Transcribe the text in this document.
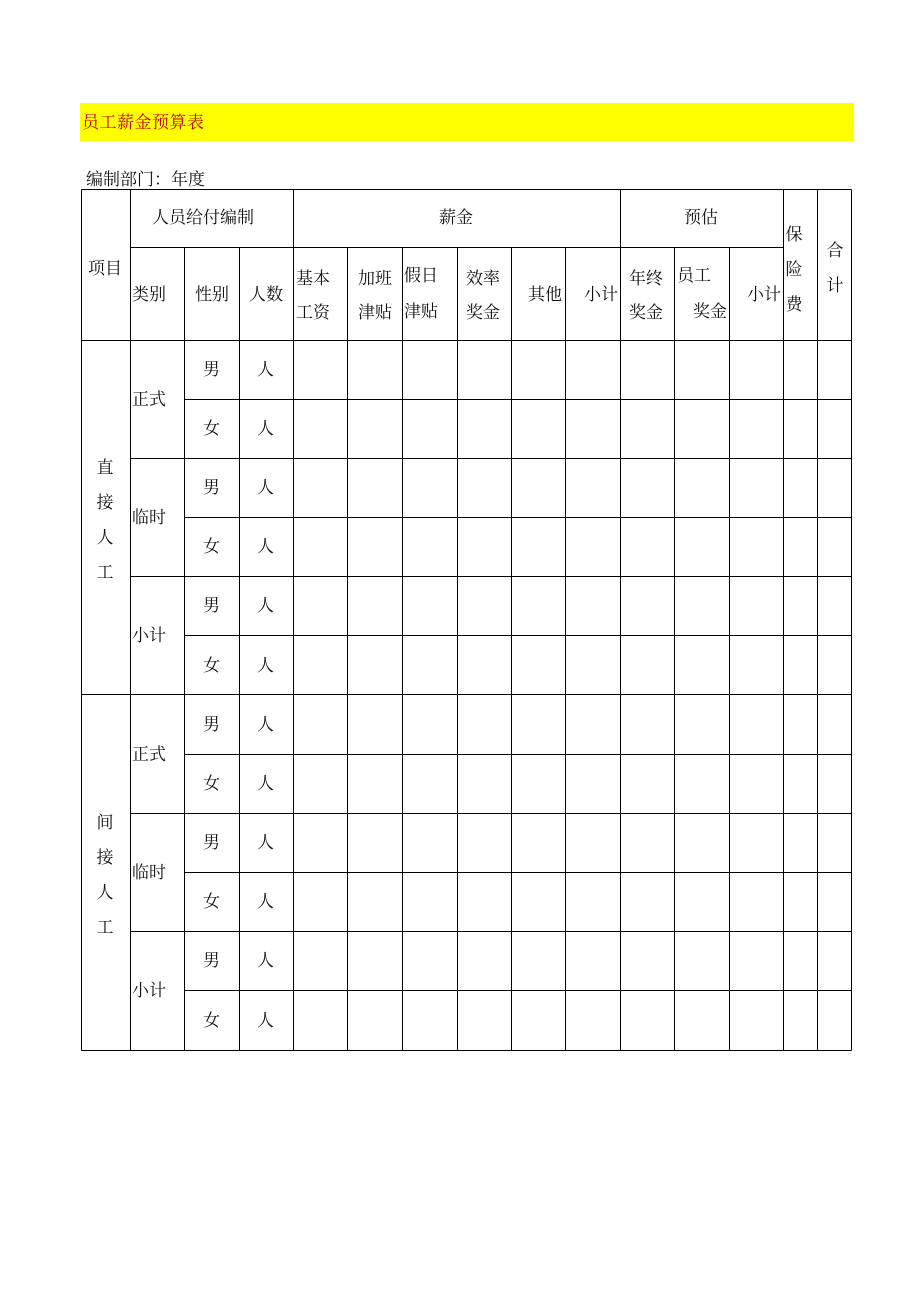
员工薪金预算表
编制部门：年度
项目
人员给付编制	薪金	预估
保
险
费
合
计
类别 性别 人数
基本
工资
加班
津贴
假日
津贴
效率
奖金
其他 小计
年终
奖金
员工
奖金
小计
直
接
人
工
间
接
人
工
正式
男 人
女 人
临时
男 人
女 人
小计
男 人
女 人
正式
男 人
女 人
临时
男 人
女 人
小计
男 人
女 人
